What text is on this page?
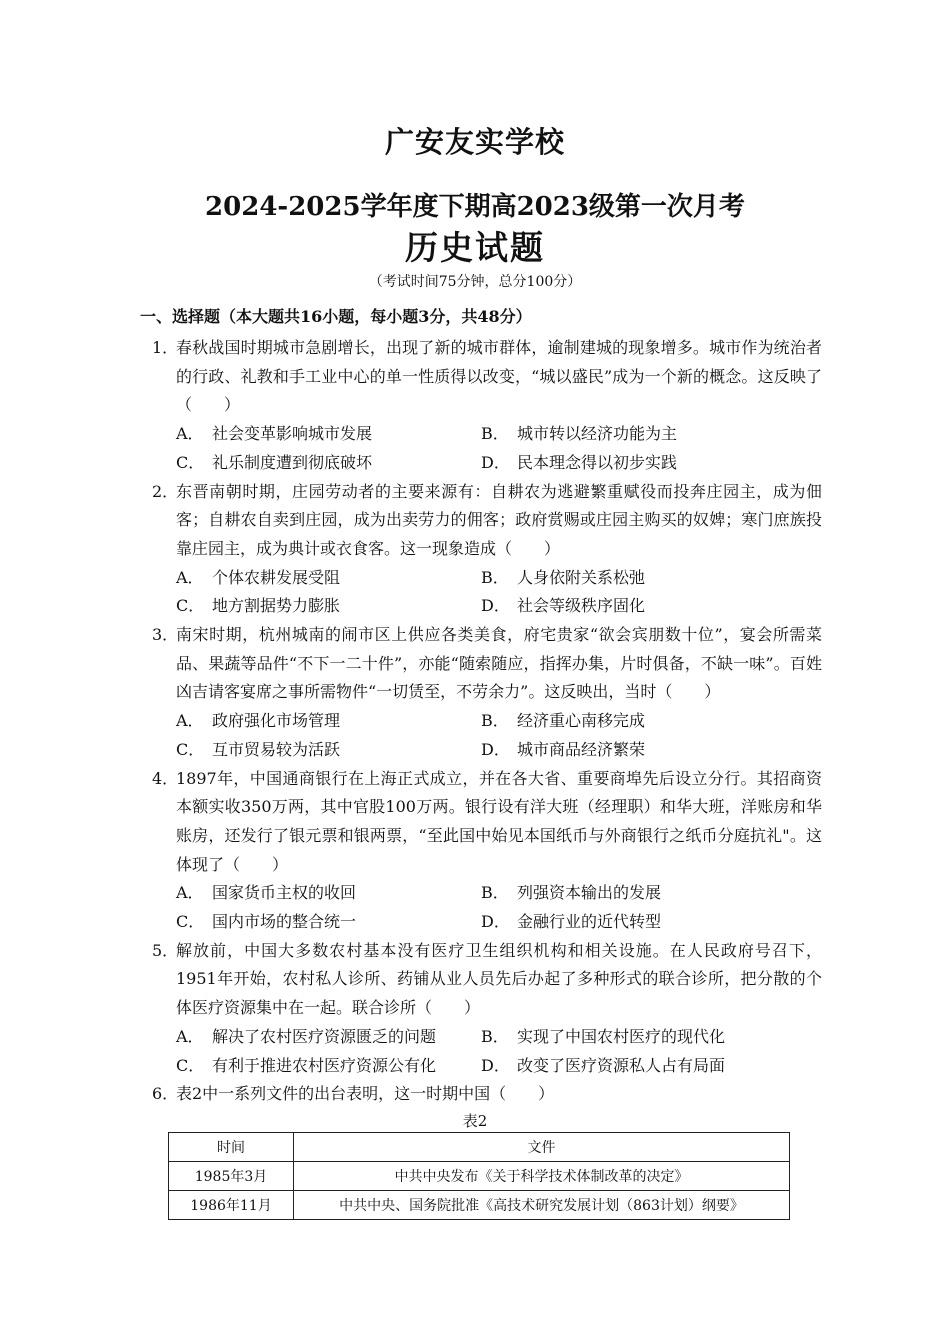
广安友实学校
2024-2025学年度下期高2023级第一次月考
历史试题
（考试时间75分钟，总分100分）
一、选择题（本大题共16小题，每小题3分，共48分）
1．
春秋战国时期城市急剧增长，出现了新的城市群体，逾制建城的现象增多。城市作为统治者的行政、礼教和手工业中心的单一性质得以改变，“城以盛民”成为一个新的概念。这反映了（　　）
A． 社会变革影响城市发展	B． 城市转以经济功能为主
C． 礼乐制度遭到彻底破坏	D． 民本理念得以初步实践
2．
东晋南朝时期，庄园劳动者的主要来源有：自耕农为逃避繁重赋役而投奔庄园主，成为佃客；自耕农自卖到庄园，成为出卖劳力的佣客；政府赏赐或庄园主购买的奴婢；寒门庶族投靠庄园主，成为典计或衣食客。这一现象造成（　　）
A． 个体农耕发展受阻	B． 人身依附关系松弛
C． 地方割据势力膨胀	D． 社会等级秩序固化
3．
南宋时期，杭州城南的闹市区上供应各类美食，府宅贵家“欲会宾朋数十位”，宴会所需菜品、果蔬等品件“不下一二十件”，亦能“随索随应，指挥办集，片时俱备，不缺一味”。百姓凶吉请客宴席之事所需物件“一切赁至，不劳余力”。这反映出，当时（　　）
A． 政府强化市场管理	B． 经济重心南移完成
C． 互市贸易较为活跃	D． 城市商品经济繁荣
4．
1897年，中国通商银行在上海正式成立，并在各大省、重要商埠先后设立分行。其招商资本额实收350万两，其中官股100万两。银行设有洋大班（经理职）和华大班，洋账房和华账房，还发行了银元票和银两票，“至此国中始见本国纸币与外商银行之纸币分庭抗礼"。这体现了（　　）
A． 国家货币主权的收回	B． 列强资本输出的发展
C． 国内市场的整合统一	D． 金融行业的近代转型
5．
解放前，中国大多数农村基本没有医疗卫生组织机构和相关设施。在人民政府号召下，1951年开始，农村私人诊所、药铺从业人员先后办起了多种形式的联合诊所，把分散的个体医疗资源集中在一起。联合诊所（　　）
A． 解决了农村医疗资源匮乏的问题	B． 实现了中国农村医疗的现代化
C． 有利于推进农村医疗资源公有化	D． 改变了医疗资源私人占有局面
6．
表2中一系列文件的出台表明，这一时期中国（　　）
表2
时间	文件
1985年3月	中共中央发布《关于科学技术体制改革的决定》
1986年11月	中共中央、国务院批准《高技术研究发展计划（863计划）纲要》
